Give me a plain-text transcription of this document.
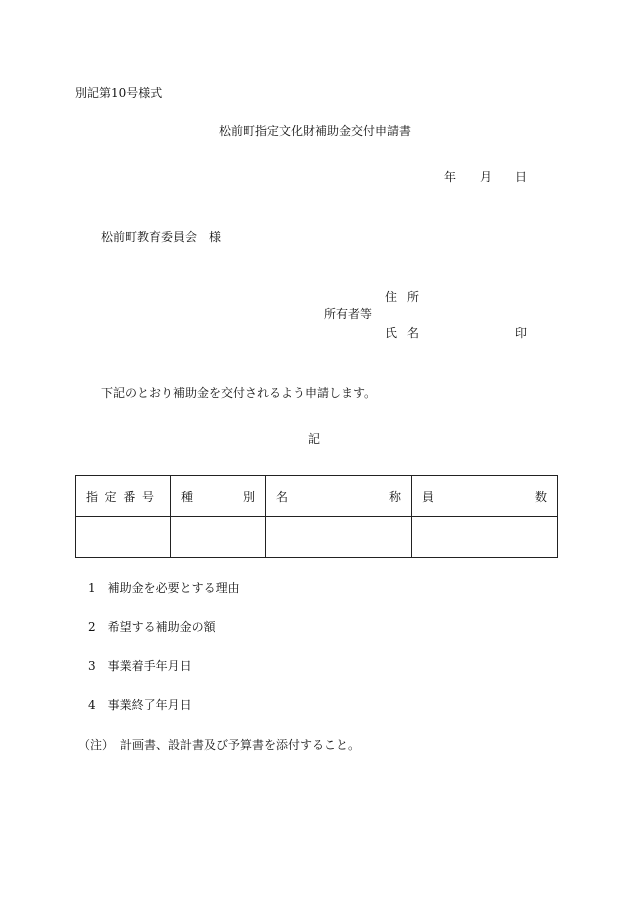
別記第10号様式
松前町指定文化財補助金交付申請書
年 月 日
松前町教育委員会　様
住 所
所有者等
氏 名	印
下記のとおり補助金を交付されるよう申請します。
記
指 定 番 号	種 別	名 称	員 数

1 補助金を必要とする理由
2 希望する補助金の額
3 事業着手年月日
4 事業終了年月日
（注） 計画書、設計書及び予算書を添付すること。
